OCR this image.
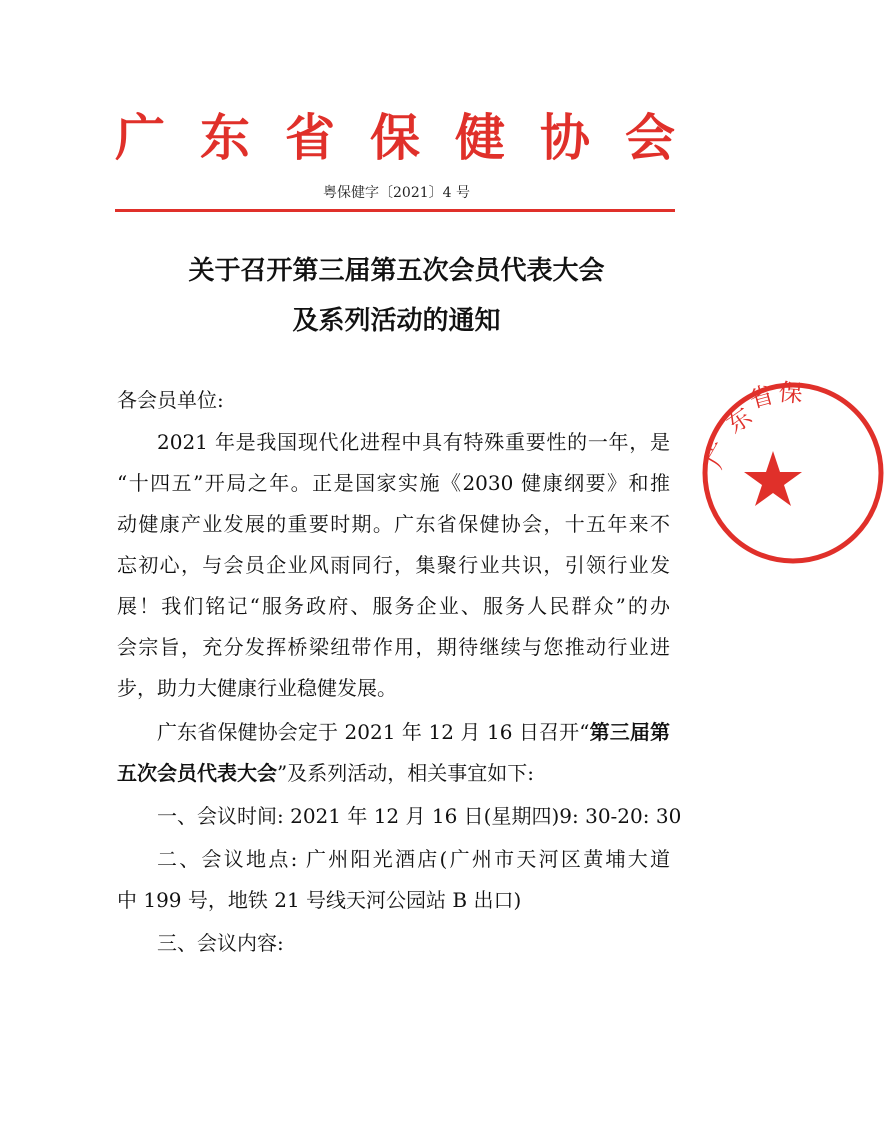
广 东 省 保 健 协 会
粤保健字〔2021〕4 号
关于召开第三届第五次会员代表大会
及系列活动的通知
各会员单位:
2021 年是我国现代化进程中具有特殊重要性的一年，是
“十四五”开局之年。正是国家实施《2030 健康纲要》和推
动健康产业发展的重要时期。广东省保健协会，十五年来不
忘初心，与会员企业风雨同行，集聚行业共识，引领行业发
展！我们铭记“服务政府、服务企业、服务人民群众”的办
会宗旨，充分发挥桥梁纽带作用，期待继续与您推动行业进
步，助力大健康行业稳健发展。
广东省保健协会定于 2021 年 12 月 16 日召开“第三届第
五次会员代表大会”及系列活动，相关事宜如下:
一、会议时间: 2021 年 12 月 16 日(星期四)9: 30-20: 30
二、会议地点: 广州阳光酒店(广州市天河区黄埔大道
中 199 号，地铁 21 号线天河公园站 B 出口)
三、会议内容:
广
东
省 保
